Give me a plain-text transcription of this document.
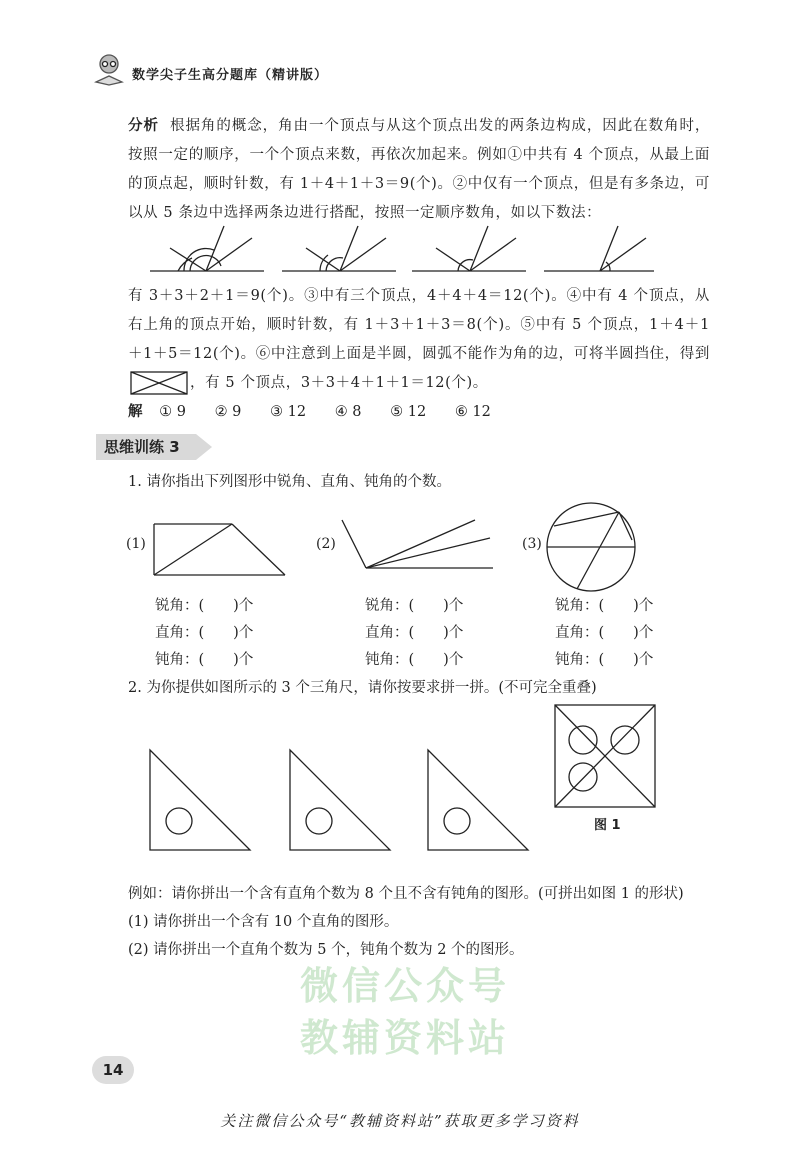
数学尖子生高分题库（精讲版）

分析 根据角的概念，角由一个顶点与从这个顶点出发的两条边构成，因此在数角时，按照一定的顺序，一个个顶点来数，再依次加起来。例如①中共有 4 个顶点，从最上面的顶点起，顺时针数，有 1＋4＋1＋3＝9(个)。②中仅有一个顶点，但是有多条边，可以从 5 条边中选择两条边进行搭配，按照一定顺序数角，如以下数法：

有 3＋3＋2＋1＝9(个)。③中有三个顶点，4＋4＋4＝12(个)。④中有 4 个顶点，从右上角的顶点开始，顺时针数，有 1＋3＋1＋3＝8(个)。⑤中有 5 个顶点，1＋4＋1＋1＋5＝12(个)。⑥中注意到上面是半圆，圆弧不能作为角的边，可将半圆挡住，得到，有 5 个顶点，3＋3＋4＋1＋1＝12(个)。

解 ① 9 ② 9 ③ 12 ④ 8 ⑤ 12 ⑥ 12
思维训练 3
1. 请你指出下列图形中锐角、直角、钝角的个数。
(1)	(2)	(3)
锐角：(　　)个
直角：(　　)个
钝角：(　　)个
锐角：(　　)个
直角：(　　)个
钝角：(　　)个
锐角：(　　)个
直角：(　　)个
钝角：(　　)个
2. 为你提供如图所示的 3 个三角尺，请你按要求拼一拼。(不可完全重叠)
图 1
例如：请你拼出一个含有直角个数为 8 个且不含有钝角的图形。(可拼出如图 1 的形状)
(1) 请你拼出一个含有 10 个直角的图形。
(2) 请你拼出一个直角个数为 5 个，钝角个数为 2 个的图形。
微信公众号
教辅资料站
14
关注微信公众号“教辅资料站”获取更多学习资料
